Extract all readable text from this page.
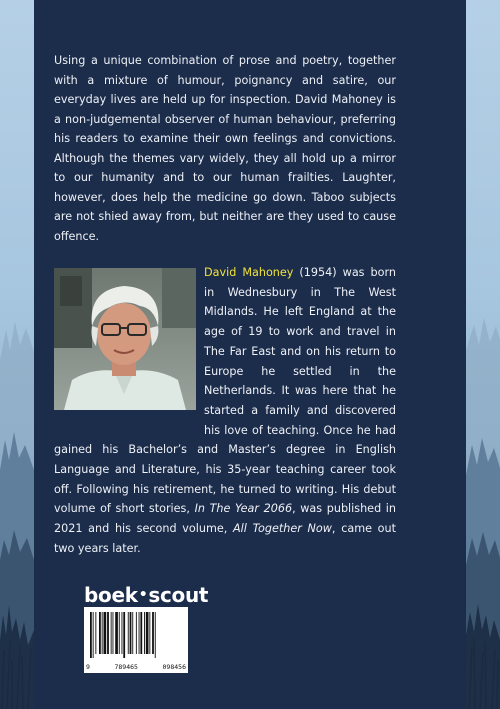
Using a unique combination of prose and poetry, together with a mixture of humour, poignancy and satire, our everyday lives are held up for inspection. David Mahoney is a non-judgemental observer of human behaviour, preferring his readers to examine their own feelings and convictions. Although the themes vary widely, they all hold up a mirror to our humanity and to our human frailties. Laughter, however, does help the medicine go down. Taboo subjects are not shied away from, but neither are they used to cause offence.

David Mahoney (1954) was born in Wednesbury in The West Midlands. He left England at the age of 19 to work and travel in The Far East and on his return to Europe he settled in the Netherlands. It was here that he started a family and discovered his love of teaching. Once he had gained his Bachelor’s and Master’s degree in English Language and Literature, his 35-year teaching career took off. Following his retirement, he turned to writing. His debut volume of short stories, In The Year 2066, was published in 2021 and his second volume, All Together Now, came out two years later.
boek•scout
9	789465	098456
